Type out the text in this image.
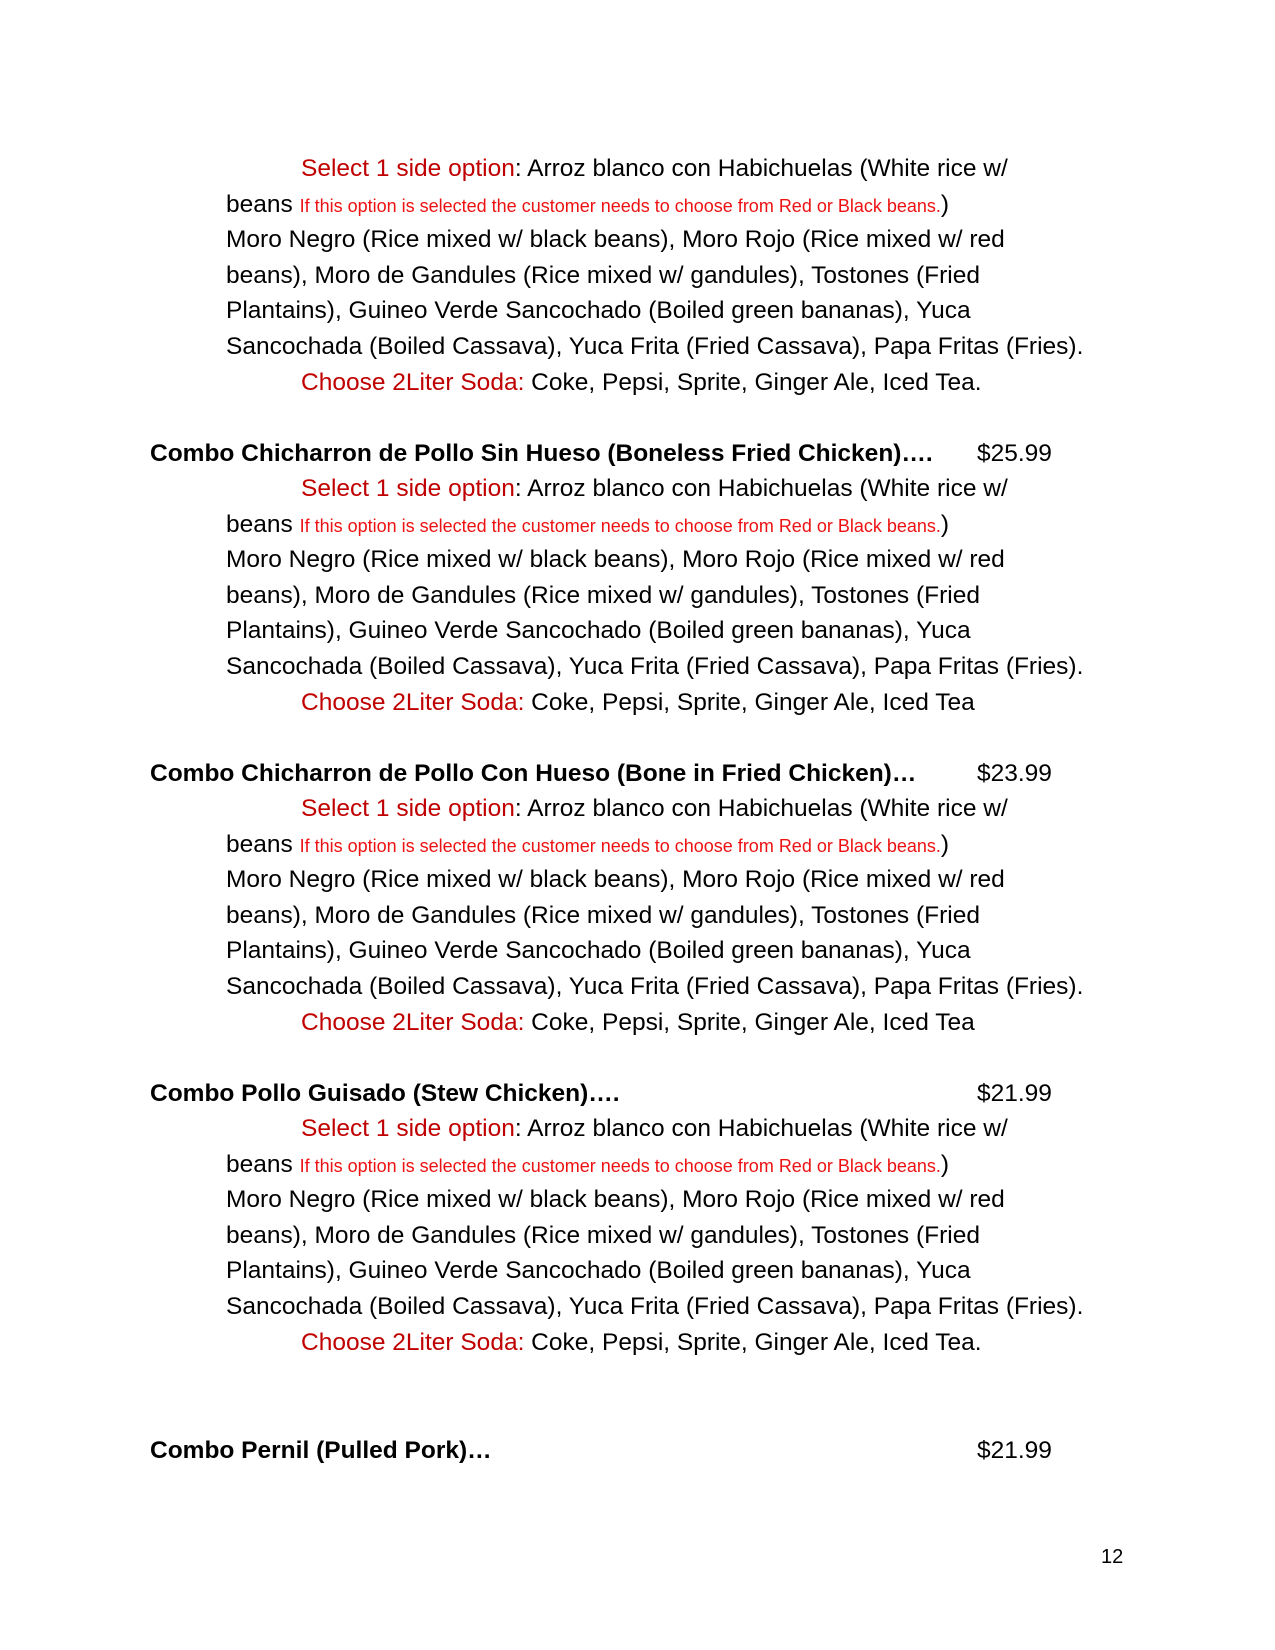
Select 1 side option: Arroz blanco con Habichuelas (White rice w/
beans If this option is selected the customer needs to choose from Red or Black beans.)
Moro Negro (Rice mixed w/ black beans), Moro Rojo (Rice mixed w/ red
beans), Moro de Gandules (Rice mixed w/ gandules), Tostones (Fried
Plantains), Guineo Verde Sancochado (Boiled green bananas), Yuca
Sancochada (Boiled Cassava), Yuca Frita (Fried Cassava), Papa Fritas (Fries).
Choose 2Liter Soda: Coke, Pepsi, Sprite, Ginger Ale, Iced Tea.
Combo Chicharron de Pollo Sin Hueso (Boneless Fried Chicken)…. $25.99
Select 1 side option: Arroz blanco con Habichuelas (White rice w/
beans If this option is selected the customer needs to choose from Red or Black beans.)
Moro Negro (Rice mixed w/ black beans), Moro Rojo (Rice mixed w/ red
beans), Moro de Gandules (Rice mixed w/ gandules), Tostones (Fried
Plantains), Guineo Verde Sancochado (Boiled green bananas), Yuca
Sancochada (Boiled Cassava), Yuca Frita (Fried Cassava), Papa Fritas (Fries).
Choose 2Liter Soda: Coke, Pepsi, Sprite, Ginger Ale, Iced Tea
Combo Chicharron de Pollo Con Hueso (Bone in Fried Chicken)… $23.99
Select 1 side option: Arroz blanco con Habichuelas (White rice w/
beans If this option is selected the customer needs to choose from Red or Black beans.)
Moro Negro (Rice mixed w/ black beans), Moro Rojo (Rice mixed w/ red
beans), Moro de Gandules (Rice mixed w/ gandules), Tostones (Fried
Plantains), Guineo Verde Sancochado (Boiled green bananas), Yuca
Sancochada (Boiled Cassava), Yuca Frita (Fried Cassava), Papa Fritas (Fries).
Choose 2Liter Soda: Coke, Pepsi, Sprite, Ginger Ale, Iced Tea
Combo Pollo Guisado (Stew Chicken)….	$21.99
Select 1 side option: Arroz blanco con Habichuelas (White rice w/
beans If this option is selected the customer needs to choose from Red or Black beans.)
Moro Negro (Rice mixed w/ black beans), Moro Rojo (Rice mixed w/ red
beans), Moro de Gandules (Rice mixed w/ gandules), Tostones (Fried
Plantains), Guineo Verde Sancochado (Boiled green bananas), Yuca
Sancochada (Boiled Cassava), Yuca Frita (Fried Cassava), Papa Fritas (Fries).
Choose 2Liter Soda: Coke, Pepsi, Sprite, Ginger Ale, Iced Tea.
Combo Pernil (Pulled Pork)…	$21.99
12
